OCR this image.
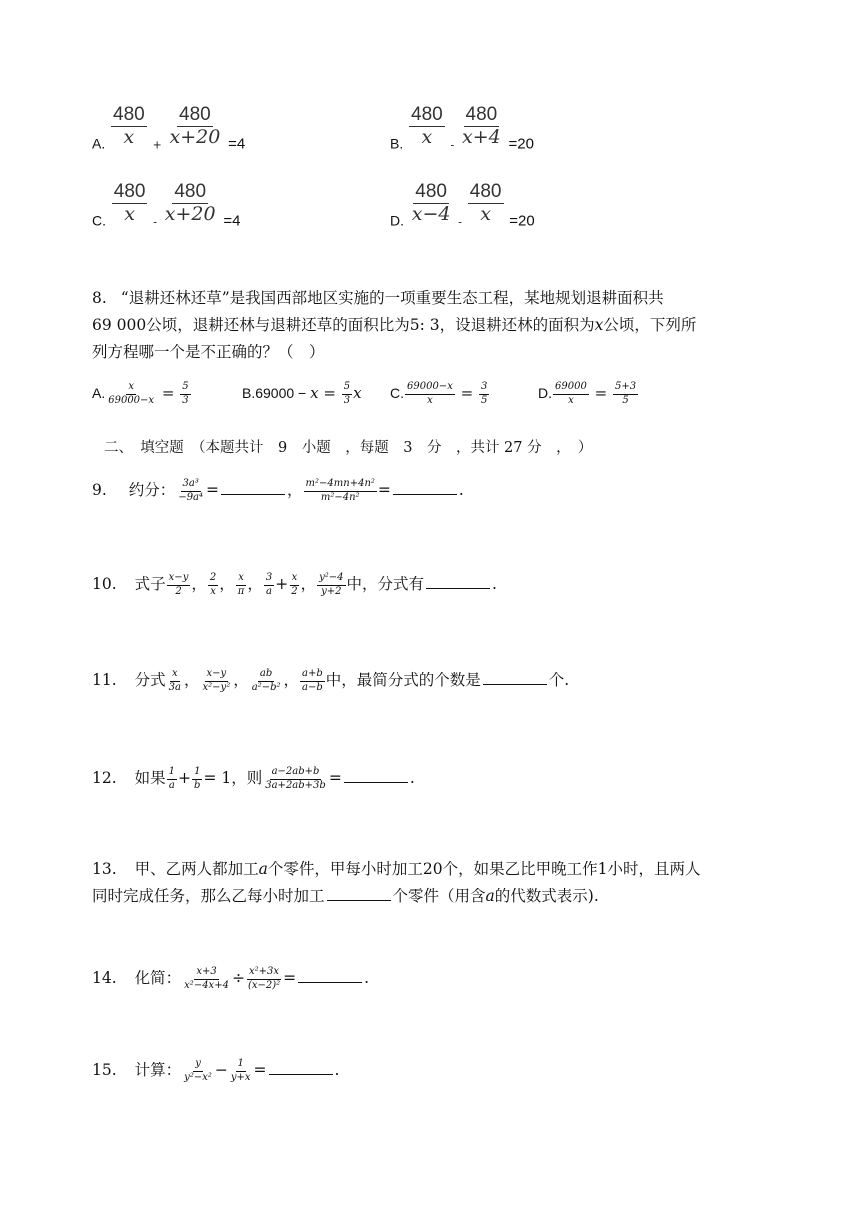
A. $\frac{480}{x} _+ \frac{480}{x+20} =4$	B. $\frac{480}{x} _- \frac{480}{x+4} =20$
C. $\frac{480}{x} _- \frac{480}{x+20} =4$	D. $\frac{480}{x-4} _- \frac{480}{x} =20$
8. “退耕还林还草”是我国西部地区实施的一项重要生态工程，某地规划退耕面积共
69 000公顷，退耕还林与退耕还草的面积比为5: 3，设退耕还林的面积为x公顷，下列所
列方程哪一个是不正确的？（　）
A. $\frac{x}{69000-x} = \frac{5}{3}$	$B.69000 - x = \frac{5}{3}$ x C. $\frac{69000-x}{x} = \frac{3}{5}$	D. $\frac{69000}{x} = \frac{5+3}{5}$
二、　填空题　（本题共计　9　小题　，每题　3　分　，共计 27 分　，　）
9. 约分： $\frac{\text{3a³}}{\text{−9a⁴}}$ =	， $\frac{\text{m²−4mn+4n²}}{\text{m²−4n²}}$ =	.
10. 式子 $\frac{x-y}{2}$ ， $\frac{2}{x}$ ， $\frac{x}{\pi}$ ， $\frac{3}{a} + \frac{x}{2}$ ， $\frac{\text{y²−4}}{y+2}$ 中，分式有	.
11. 分式 $\frac{x}{3a}$ ， $\frac{x-y}{\text{x²−y²}}$ ， $\frac{ab}{\text{a²−b²}}$ ， $\frac{a+b}{a-b}$ 中，最简分式的个数是	个.
12. 如果 $\frac{1}{a} + \frac{1}{b} = 1$，则 $\frac{a-2ab+b}{3a+2ab+3b}$ =	.
13. 甲、乙两人都加工a个零件，甲每小时加工20个，如果乙比甲晚工作1小时，且两人
同时完成任务，那么乙每小时加工	个零件（用含a的代数式表示).
14. 化简： $\frac{x+3}{\text{x²−4x+4}} \div \frac{\text{x²+3x}}{\text{(x−2)²}}$ =	.
15. 计算： $\frac{y}{\text{y²−x²}} - \frac{1}{y+x}$ =	.
